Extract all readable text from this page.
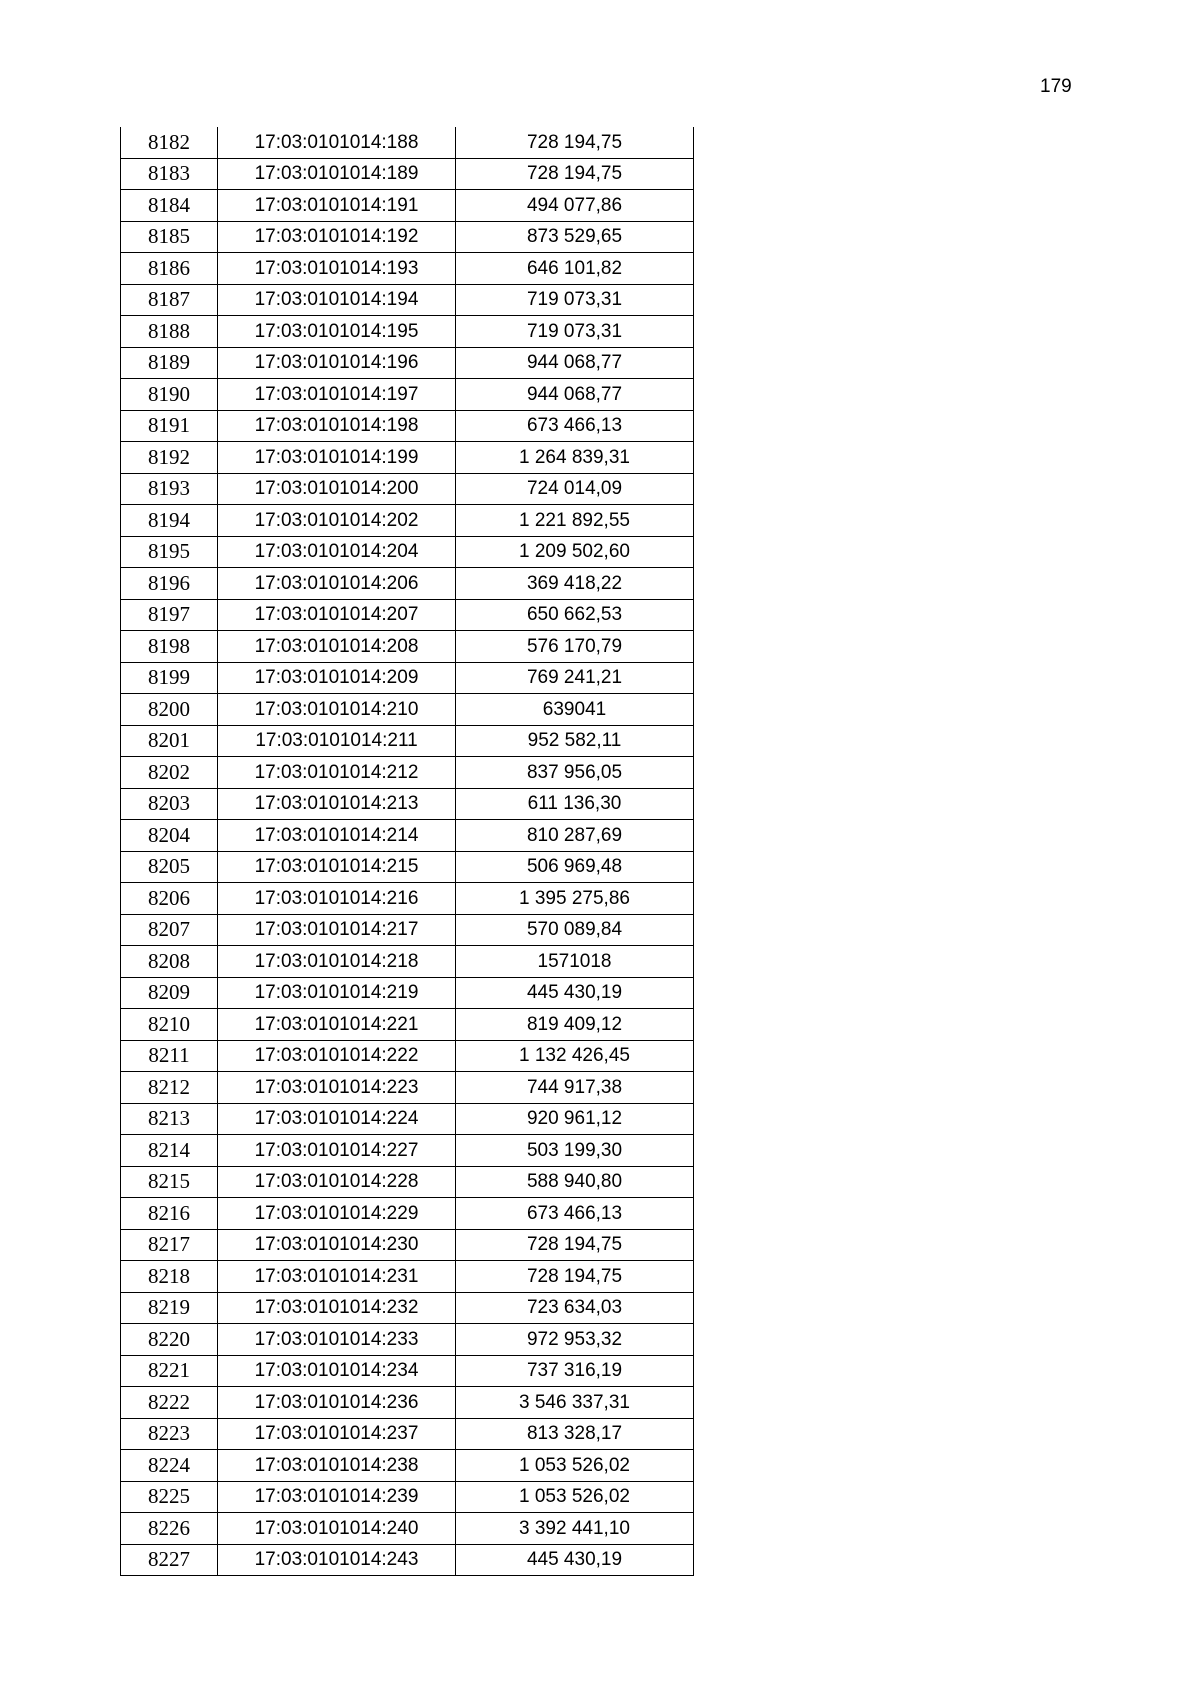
179
8182	17:03:0101014:188	728 194,75
8183	17:03:0101014:189	728 194,75
8184	17:03:0101014:191	494 077,86
8185	17:03:0101014:192	873 529,65
8186	17:03:0101014:193	646 101,82
8187	17:03:0101014:194	719 073,31
8188	17:03:0101014:195	719 073,31
8189	17:03:0101014:196	944 068,77
8190	17:03:0101014:197	944 068,77
8191	17:03:0101014:198	673 466,13
8192	17:03:0101014:199	1 264 839,31
8193	17:03:0101014:200	724 014,09
8194	17:03:0101014:202	1 221 892,55
8195	17:03:0101014:204	1 209 502,60
8196	17:03:0101014:206	369 418,22
8197	17:03:0101014:207	650 662,53
8198	17:03:0101014:208	576 170,79
8199	17:03:0101014:209	769 241,21
8200	17:03:0101014:210	639041
8201	17:03:0101014:211	952 582,11
8202	17:03:0101014:212	837 956,05
8203	17:03:0101014:213	611 136,30
8204	17:03:0101014:214	810 287,69
8205	17:03:0101014:215	506 969,48
8206	17:03:0101014:216	1 395 275,86
8207	17:03:0101014:217	570 089,84
8208	17:03:0101014:218	1571018
8209	17:03:0101014:219	445 430,19
8210	17:03:0101014:221	819 409,12
8211	17:03:0101014:222	1 132 426,45
8212	17:03:0101014:223	744 917,38
8213	17:03:0101014:224	920 961,12
8214	17:03:0101014:227	503 199,30
8215	17:03:0101014:228	588 940,80
8216	17:03:0101014:229	673 466,13
8217	17:03:0101014:230	728 194,75
8218	17:03:0101014:231	728 194,75
8219	17:03:0101014:232	723 634,03
8220	17:03:0101014:233	972 953,32
8221	17:03:0101014:234	737 316,19
8222	17:03:0101014:236	3 546 337,31
8223	17:03:0101014:237	813 328,17
8224	17:03:0101014:238	1 053 526,02
8225	17:03:0101014:239	1 053 526,02
8226	17:03:0101014:240	3 392 441,10
8227	17:03:0101014:243	445 430,19
